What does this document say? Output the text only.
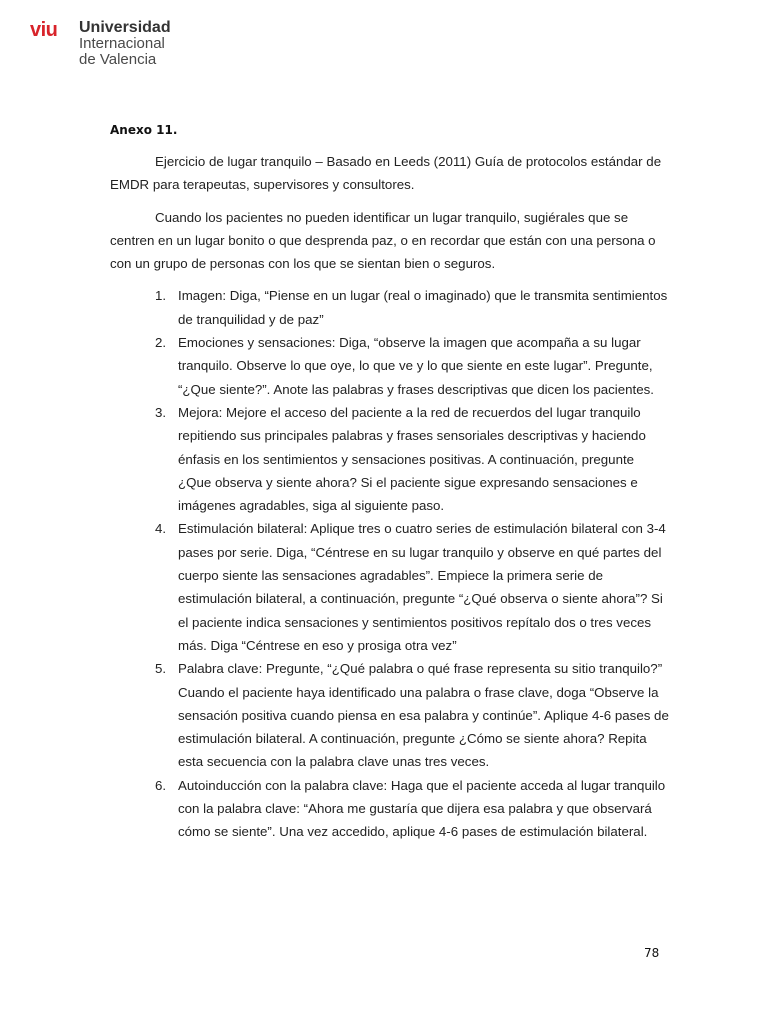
viu Universidad
Internacional
de Valencia

Anexo 11.

Ejercicio de lugar tranquilo – Basado en Leeds (2011) Guía de protocolos estándar de EMDR para terapeutas, supervisores y consultores.

Cuando los pacientes no pueden identificar un lugar tranquilo, sugiérales que se centren en un lugar bonito o que desprenda paz, o en recordar que están con una persona o con un grupo de personas con los que se sientan bien o seguros.

1. Imagen: Diga, “Piense en un lugar (real o imaginado) que le transmita sentimientos de tranquilidad y de paz”
2. Emociones y sensaciones: Diga, “observe la imagen que acompaña a su lugar tranquilo. Observe lo que oye, lo que ve y lo que siente en este lugar”. Pregunte, “¿Que siente?”. Anote las palabras y frases descriptivas que dicen los pacientes.
3. Mejora: Mejore el acceso del paciente a la red de recuerdos del lugar tranquilo repitiendo sus principales palabras y frases sensoriales descriptivas y haciendo énfasis en los sentimientos y sensaciones positivas. A continuación, pregunte ¿Que observa y siente ahora? Si el paciente sigue expresando sensaciones e imágenes agradables, siga al siguiente paso.
4. Estimulación bilateral: Aplique tres o cuatro series de estimulación bilateral con 3-4 pases por serie. Diga, “Céntrese en su lugar tranquilo y observe en qué partes del cuerpo siente las sensaciones agradables”. Empiece la primera serie de estimulación bilateral, a continuación, pregunte “¿Qué observa o siente ahora”? Si el paciente indica sensaciones y sentimientos positivos repítalo dos o tres veces más. Diga “Céntrese en eso y prosiga otra vez”
5. Palabra clave: Pregunte, “¿Qué palabra o qué frase representa su sitio tranquilo?” Cuando el paciente haya identificado una palabra o frase clave, doga “Observe la sensación positiva cuando piensa en esa palabra y continúe”. Aplique 4-6 pases de estimulación bilateral. A continuación, pregunte ¿Cómo se siente ahora? Repita esta secuencia con la palabra clave unas tres veces.
6. Autoinducción con la palabra clave: Haga que el paciente acceda al lugar tranquilo con la palabra clave: “Ahora me gustaría que dijera esa palabra y que observará cómo se siente”. Una vez accedido, aplique 4-6 pases de estimulación bilateral.
78
